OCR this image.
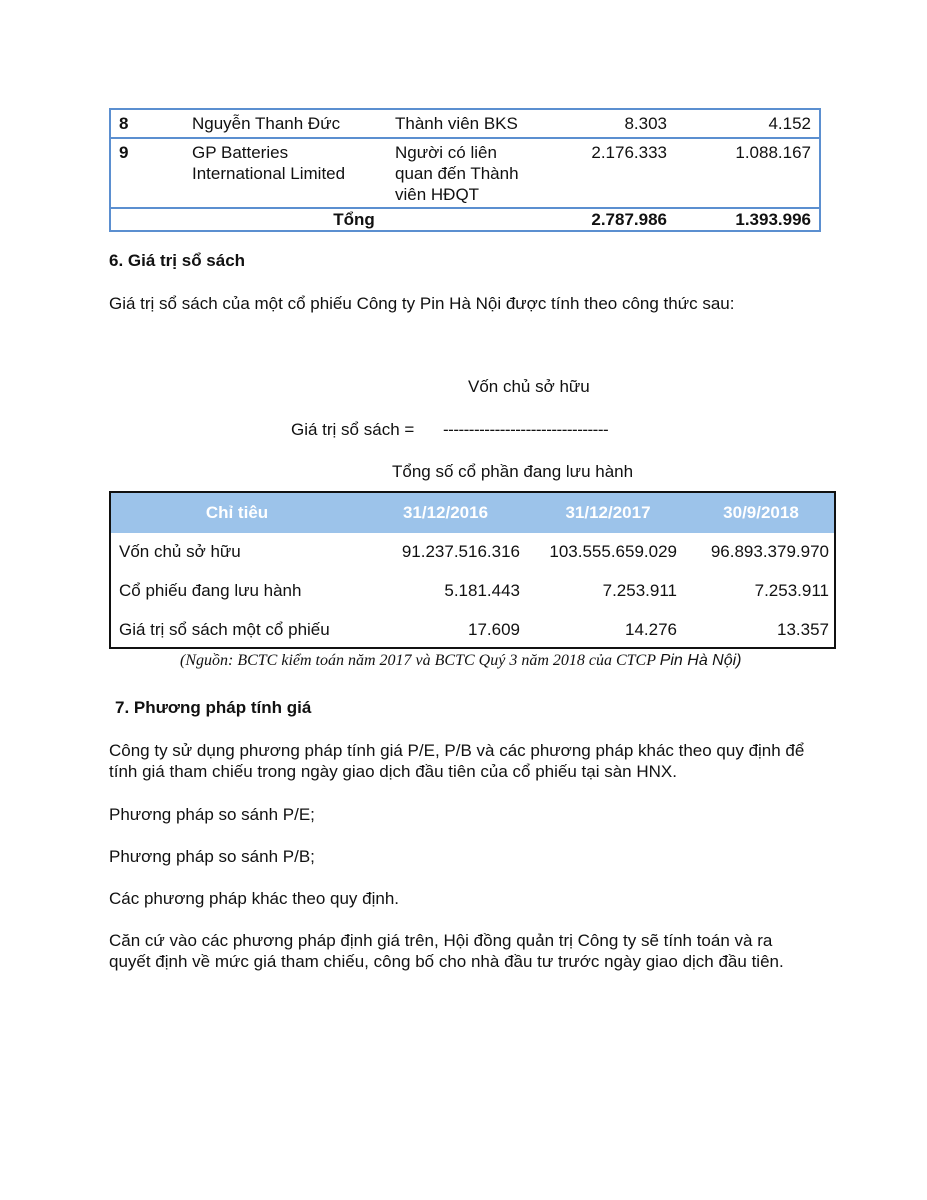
8	Nguyễn Thanh Đức	Thành viên BKS	8.303	4.152
9	GP Batteries International Limited	Người có liên quan đến Thành viên HĐQT	2.176.333	1.088.167
Tổng			2.787.986	1.393.996
6. Giá trị sổ sách
Giá trị sổ sách của một cổ phiếu Công ty Pin Hà Nội được tính theo công thức sau:
Vốn chủ sở hữu
Giá trị sổ sách = --------------------------------
Tổng số cổ phần đang lưu hành
Chỉ tiêu	31/12/2016	31/12/2017	30/9/2018
Vốn chủ sở hữu	91.237.516.316	103.555.659.029	96.893.379.970
Cổ phiếu đang lưu hành	5.181.443	7.253.911	7.253.911
Giá trị sổ sách một cổ phiếu	17.609	14.276	13.357
(Nguồn: BCTC kiểm toán năm 2017 và BCTC Quý 3 năm 2018 của CTCP Pin Hà Nội)
7. Phương pháp tính giá
Công ty sử dụng phương pháp tính giá P/E, P/B và các phương pháp khác theo quy định để tính giá tham chiếu trong ngày giao dịch đầu tiên của cổ phiếu tại sàn HNX.
Phương pháp so sánh P/E;
Phương pháp so sánh P/B;
Các phương pháp khác theo quy định.
Căn cứ vào các phương pháp định giá trên, Hội đồng quản trị Công ty sẽ tính toán và ra quyết định về mức giá tham chiếu, công bố cho nhà đầu tư trước ngày giao dịch đầu tiên.
